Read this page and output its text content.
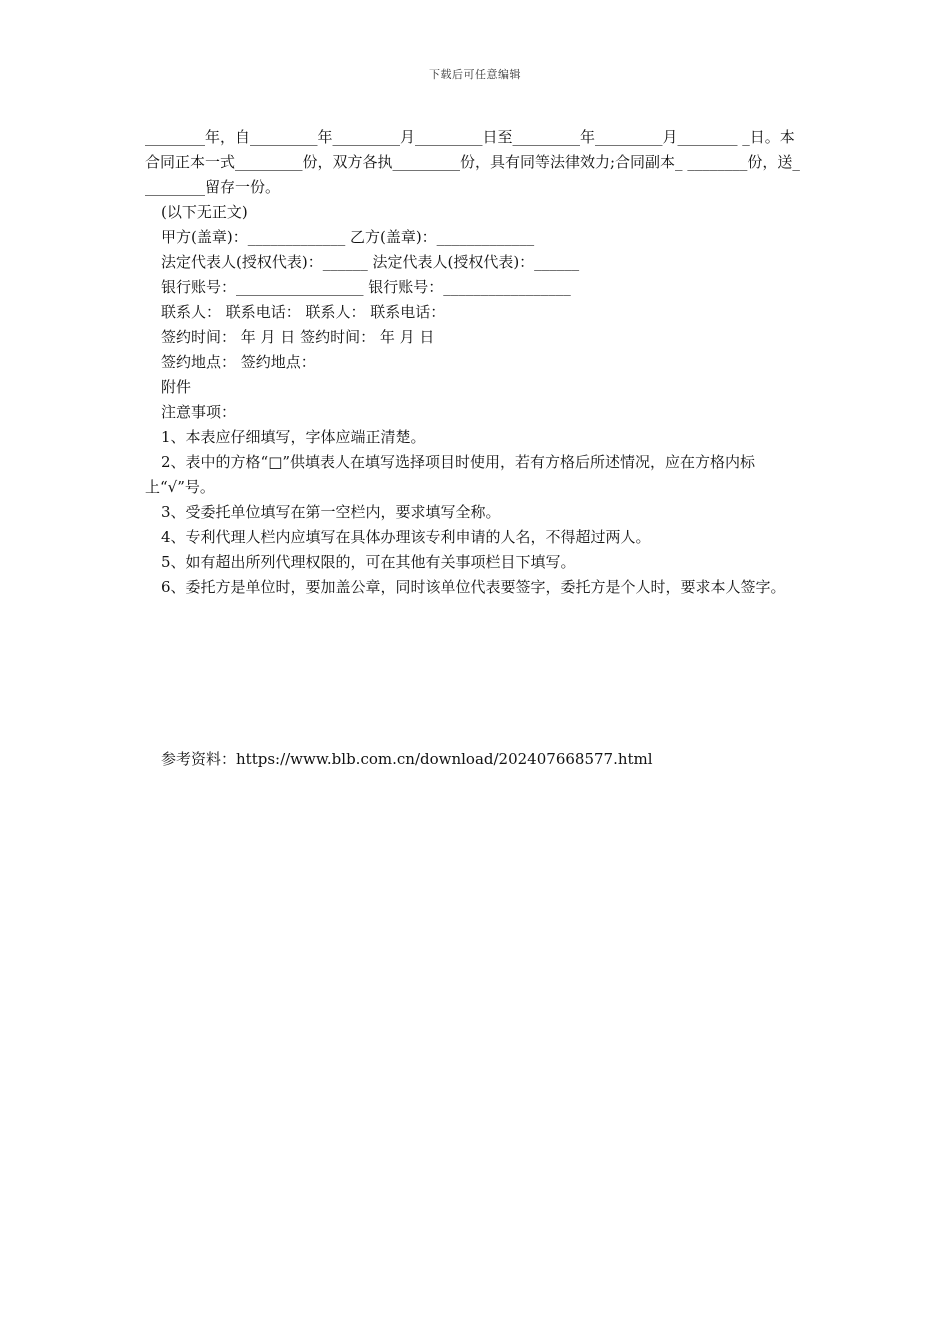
下载后可任意编辑

________年，自_________年_________月_________日至_________年_________月________ _日。本合同正本一式_________份，双方各执_________份，具有同等法律效力;合同副本_ ________份，送_________留存一份。

(以下无正文)

甲方(盖章)：_____________ 乙方(盖章)：_____________

法定代表人(授权代表)：______ 法定代表人(授权代表)：______

银行账号：_________________ 银行账号：_________________

联系人： 联系电话： 联系人： 联系电话：

签约时间： 年 月 日 签约时间： 年 月 日

签约地点： 签约地点：

附件

注意事项：

1、本表应仔细填写，字体应端正清楚。

2、表中的方格“□”供填表人在填写选择项目时使用，若有方格后所述情况，应在方格内标上“√”号。

3、受委托单位填写在第一空栏内，要求填写全称。

4、专利代理人栏内应填写在具体办理该专利申请的人名，不得超过两人。

5、如有超出所列代理权限的，可在其他有关事项栏目下填写。

6、委托方是单位时，要加盖公章，同时该单位代表要签字，委托方是个人时，要求本人签字。

参考资料：https://www.blb.com.cn/download/202407668577.html
